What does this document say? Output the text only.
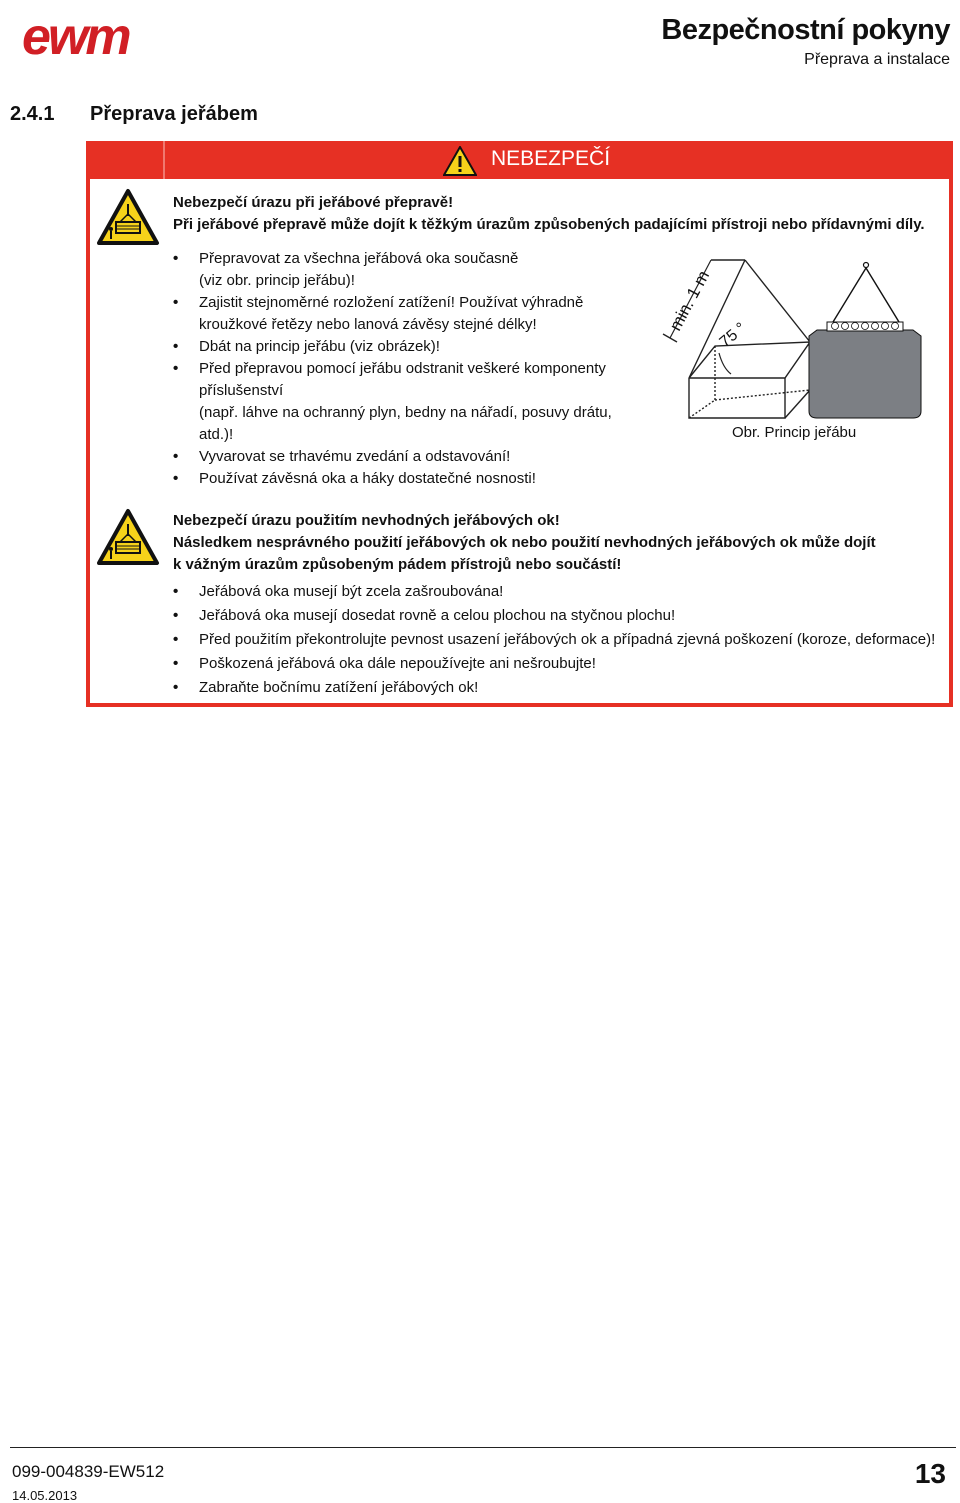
ewm	Bezpečnostní pokyny
Přeprava a instalace
2.4.1 Přeprava jeřábem
NEBEZPEČÍ
Nebezpečí úrazu při jeřábové přepravě!
Při jeřábové přepravě může dojít k těžkým úrazům způsobených padajícími přístroji nebo přídavnými díly.
• Přepravovat za všechna jeřábová oka současně
(viz obr. princip jeřábu)!
• Zajistit stejnoměrné rozložení zatížení! Používat výhradně
kroužkové řetězy nebo lanová závěsy stejné délky!
• Dbát na princip jeřábu (viz obrázek)!
• Před přepravou pomocí jeřábu odstranit veškeré komponenty
příslušenství
(např. láhve na ochranný plyn, bedny na nářadí, posuvy drátu,
atd.)!
• Vyvarovat se trhavému zvedání a odstavování!
• Používat závěsná oka a háky dostatečné nosnosti!
min. 1 m
75 °
Obr. Princip jeřábu
Nebezpečí úrazu použitím nevhodných jeřábových ok!
Následkem nesprávného použití jeřábových ok nebo použití nevhodných jeřábových ok může dojít
k vážným úrazům způsobeným pádem přístrojů nebo součástí!
• Jeřábová oka musejí být zcela zašroubována!
• Jeřábová oka musejí dosedat rovně a celou plochou na styčnou plochu!
• Před použitím překontrolujte pevnost usazení jeřábových ok a případná zjevná poškození (koroze, deformace)!
• Poškozená jeřábová oka dále nepoužívejte ani nešroubujte!
• Zabraňte bočnímu zatížení jeřábových ok!
099-004839-EW512
14.05.2013
13
